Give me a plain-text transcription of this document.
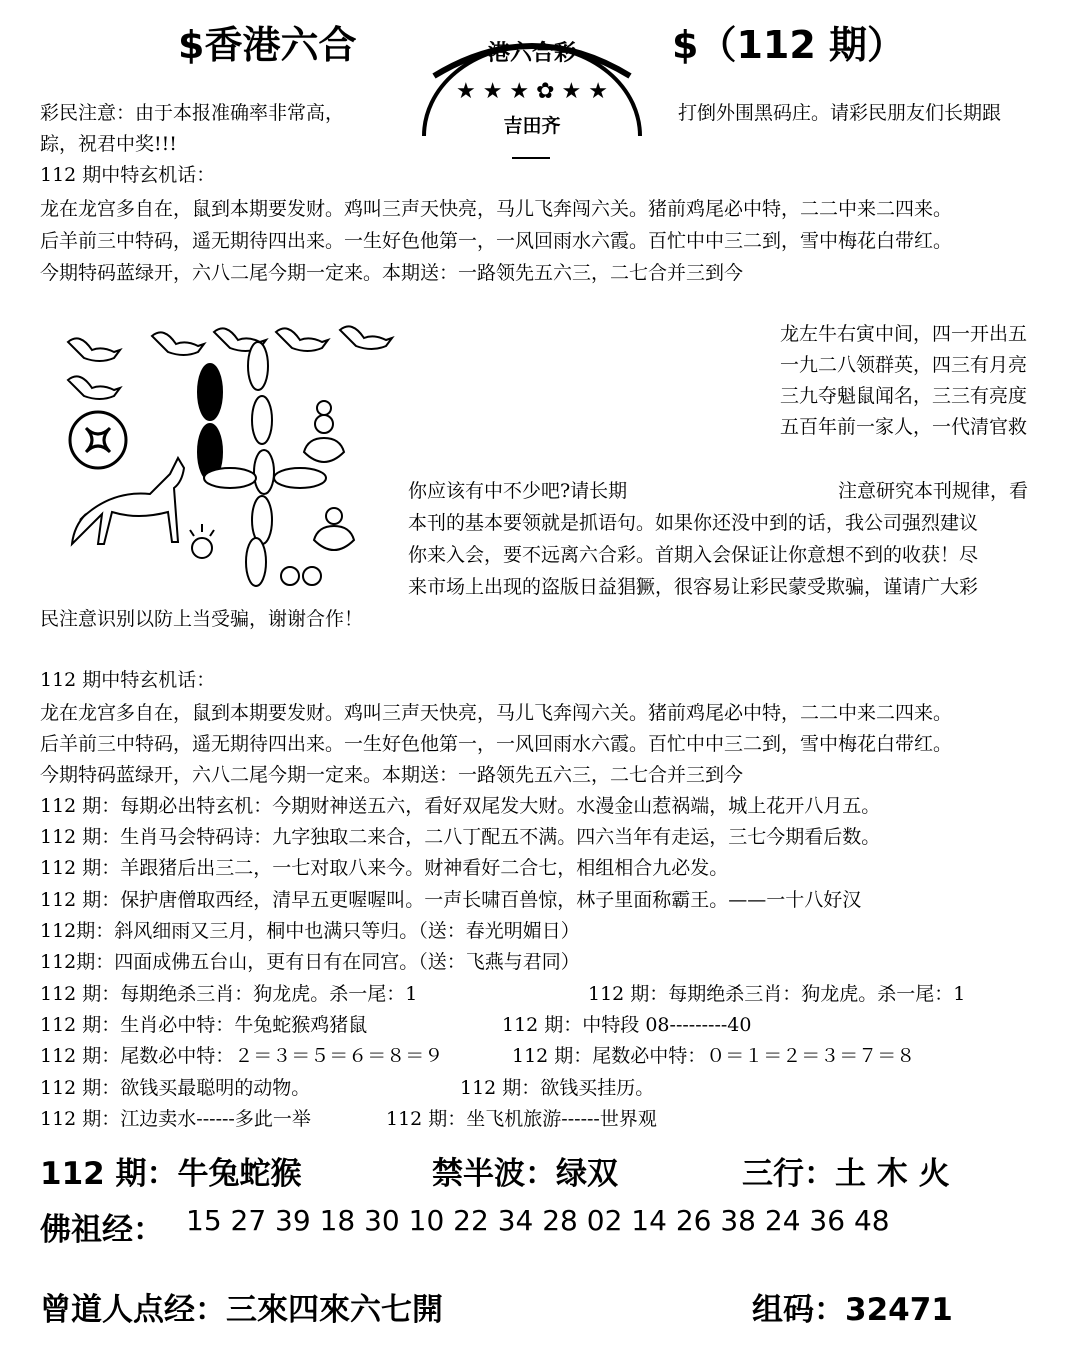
$香港六合	$（112 期）
港六合彩
★ ★ ★ ✿ ★ ★
吉田齐
彩民注意：由于本报准确率非常高，	打倒外围黑码庄。请彩民朋友们长期跟
踪，祝君中奖!!!
112 期中特玄机话：
龙在龙宫多自在，鼠到本期要发财。鸡叫三声天快亮，马儿飞奔闯六关。猪前鸡尾必中特，二二中来二四来。
后羊前三中特码，遥无期待四出来。一生好色他第一，一风回雨水六霞。百忙中中三二到，雪中梅花白带红。
今期特码蓝绿开，六八二尾今期一定来。本期送：一路领先五六三，二七合并三到今
龙左牛右寅中间，四一开出五
一九二八领群英，四三有月亮
三九夺魁鼠闻名，三三有亮度
五百年前一家人，一代清官救
你应该有中不少吧?请长期	注意研究本刊规律，看
本刊的基本要领就是抓语句。如果你还没中到的话，我公司强烈建议
你来入会，要不远离六合彩。首期入会保证让你意想不到的收获！尽
来市场上出现的盗版日益猖獗，很容易让彩民蒙受欺骗，谨请广大彩
民注意识别以防上当受骗，谢谢合作！
112 期中特玄机话：
龙在龙宫多自在，鼠到本期要发财。鸡叫三声天快亮，马儿飞奔闯六关。猪前鸡尾必中特，二二中来二四来。
后羊前三中特码，遥无期待四出来。一生好色他第一，一风回雨水六霞。百忙中中三二到，雪中梅花白带红。
今期特码蓝绿开，六八二尾今期一定来。本期送：一路领先五六三，二七合并三到今
112 期：每期必出特玄机：今期财神送五六，看好双尾发大财。水漫金山惹祸端，城上花开八月五。
112 期：生肖马会特码诗：九字独取二来合，二八丁配五不满。四六当年有走运，三七今期看后数。
112 期：羊跟猪后出三二，一七对取八来今。财神看好二合七，相组相合九必发。
112 期：保护唐僧取西经，清早五更喔喔叫。一声长啸百兽惊，林子里面称霸王。——一十八好汉
112期：斜风细雨又三月，桐中也满只等归。（送：春光明媚日）
112期：四面成佛五台山，更有日有在同宫。（送：飞燕与君同）
112 期：每期绝杀三肖：狗龙虎。杀一尾：1	112 期：每期绝杀三肖：狗龙虎。杀一尾：1
112 期：生肖必中特：牛兔蛇猴鸡猪鼠	112 期：中特段 08---------40
112 期：尾数必中特：２＝３＝５＝６＝８＝９	112 期：尾数必中特：０＝１＝２＝３＝７＝８
112 期：欲钱买最聪明的动物。	112 期：欲钱买挂历。
112 期：江边卖水------多此一举	112 期：坐飞机旅游------世界观
112 期：牛兔蛇猴	禁半波：绿双	三行：土 木 火
佛祖经： 15 27 39 18 30 10 22 34 28 02 14 26 38 24 36 48
曾道人点经：三來四來六七開	组码：32471
